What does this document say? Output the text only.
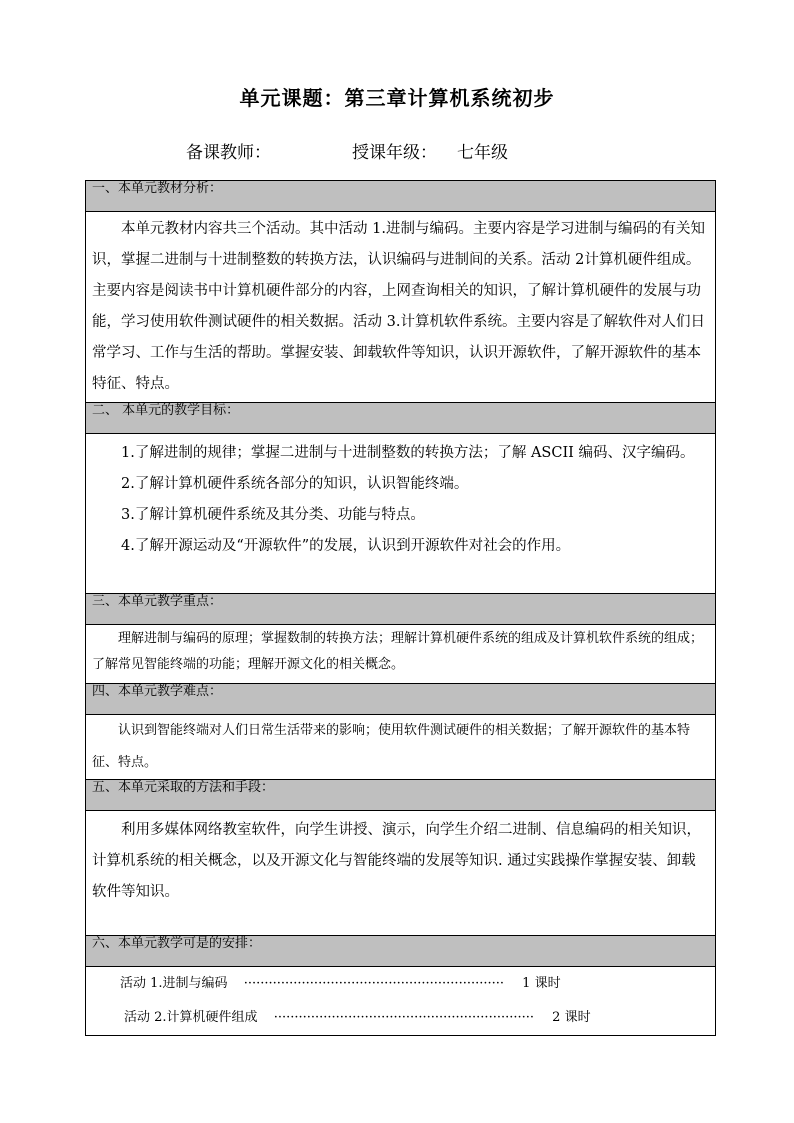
单元课题：第三章计算机系统初步
备课教师：	授课年级： 七年级
一、本单元教材分析：

本单元教材内容共三个活动。其中活动 1.进制与编码。主要内容是学习进制与编码的有关知识，掌握二进制与十进制整数的转换方法，认识编码与进制间的关系。活动 2计算机硬件组成。主要内容是阅读书中计算机硬件部分的内容，上网查询相关的知识，了解计算机硬件的发展与功能，学习使用软件测试硬件的相关数据。活动 3.计算机软件系统。主要内容是了解软件对人们日常学习、工作与生活的帮助。掌握安装、卸载软件等知识，认识开源软件，了解开源软件的基本特征、特点。

二、 本单元的教学目标：

1.了解进制的规律；掌握二进制与十进制整数的转换方法；了解 ASCII 编码、汉字编码。

2.了解计算机硬件系统各部分的知识，认识智能终端。

3.了解计算机硬件系统及其分类、功能与特点。

4.了解开源运动及“开源软件”的发展，认识到开源软件对社会的作用。

三、本单元教学重点：

理解进制与编码的原理；掌握数制的转换方法；理解计算机硬件系统的组成及计算机软件系统的组成；了解常见智能终端的功能；理解开源文化的相关概念。

四、本单元教学难点：

认识到智能终端对人们日常生活带来的影响；使用软件测试硬件的相关数据；了解开源软件的基本特征、特点。

五、本单元采取的方法和手段：

利用多媒体网络教室软件，向学生讲授、演示，向学生介绍二进制、信息编码的相关知识，计算机系统的相关概念，以及开源文化与智能终端的发展等知识. 通过实践操作掌握安装、卸载软件等知识。

六、本单元教学可是的安排：

活动 1.进制与编码 ······························································· 1 课时

活动 2.计算机硬件组成 ······························································· 2 课时
